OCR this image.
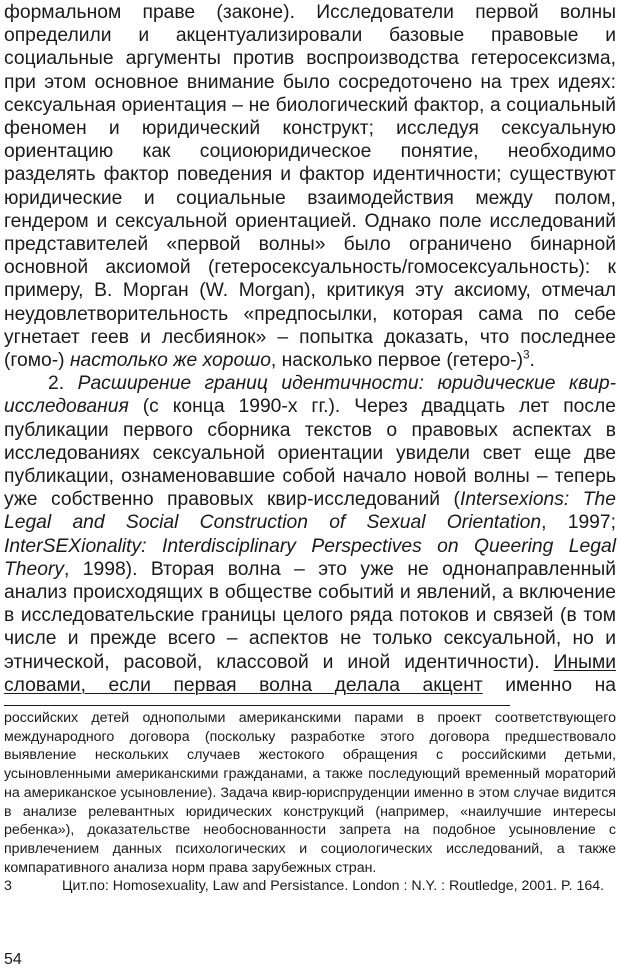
формальном праве (законе). Исследователи первой волны определили и акцентуализировали базовые правовые и социальные аргументы против воспроизводства гетеросексизма, при этом основное внимание было сосредоточено на трех идеях: сексуальная ориентация – не биологический фактор, а социальный феномен и юридический конструкт; исследуя сексуальную ориентацию как социоюридическое понятие, необходимо разделять фактор поведения и фактор идентичности; существуют юридические и социальные взаимодействия между полом, гендером и сексуальной ориентацией. Однако поле исследований представителей «первой волны» было ограничено бинарной основной аксиомой (гетеросексуальность/гомосексуальность): к примеру, В. Морган (W. Morgan), критикуя эту аксиому, отмечал неудовлетворительность «предпосылки, которая сама по себе угнетает геев и лесбиянок» – попытка доказать, что последнее (гомо-) настолько же хорошо, насколько первое (гетеро-)$^3$.

2. Расширение границ идентичности: юридические квир-исследования (с конца 1990-х гг.). Через двадцать лет после публикации первого сборника текстов о правовых аспектах в исследованиях сексуальной ориентации увидели свет еще две публикации, ознаменовавшие собой начало новой волны – теперь уже собственно правовых квир-исследований (Intersexions: The Legal and Social Construction of Sexual Orientation, 1997; InterSEXionality: Interdisciplinary Perspectives on Queering Legal Theory, 1998). Вторая волна – это уже не однонаправленный анализ происходящих в обществе событий и явлений, а включение в исследовательские границы целого ряда потоков и связей (в том числе и прежде всего – аспектов не только сексуальной, но и этнической, расовой, классовой и иной идентичности). Иными словами, если первая волна делала акцент именно на

российских детей однополыми американскими парами в проект соответствующего международного договора (поскольку разработке этого договора предшествовало выявление нескольких случаев жестокого обращения с российскими детьми, усыновленными американскими гражданами, а также последующий временный мораторий на американское усыновление). Задача квир-юриспруденции именно в этом случае видится в анализе релевантных юридических конструкций (например, «наилучшие интересы ребенка»), доказательстве необоснованности запрета на подобное усыновление с привлечением данных психологических и социологических исследований, а также компаративного анализа норм права зарубежных стран.

3	Цит.по: Homosexuality, Law and Persistance. London : N.Y. : Routledge, 2001. P. 164.

54
